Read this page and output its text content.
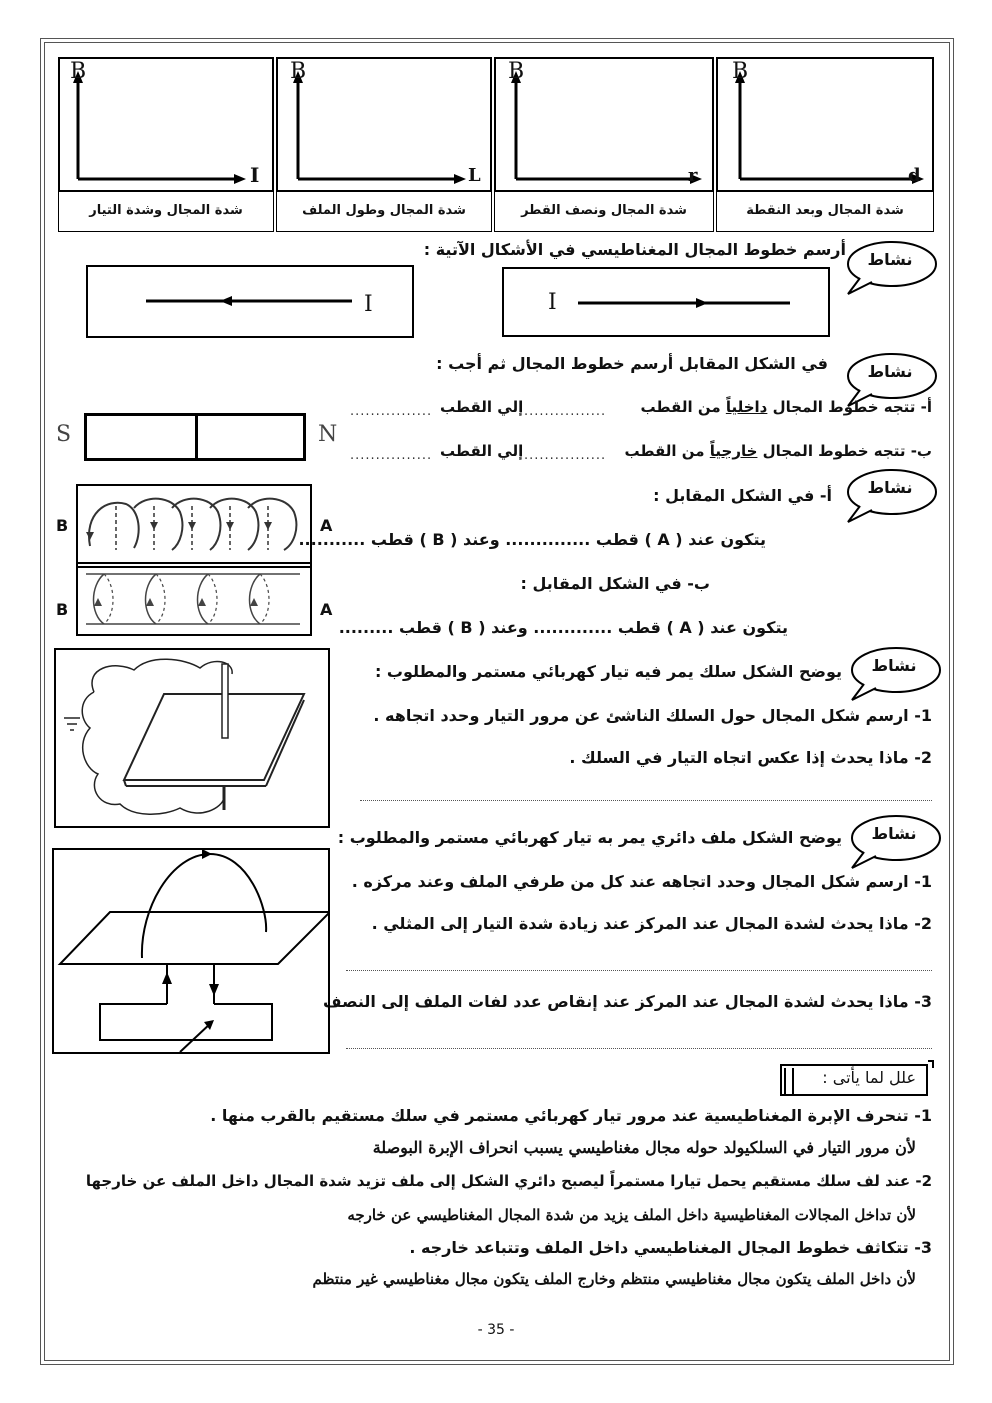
B
d
شدة المجال وبعد النقطة
B
r
شدة المجال ونصف القطر
B
L
شدة المجال وطول الملف
B
I
شدة المجال وشدة التيار
نشاط
أرسم خطوط المجال المغناطيسي في الأشكال الآتية :
I
I
نشاط
في الشكل المقابل أرسم خطوط المجال ثم أجب :
S	N
أ- تتجه خطوط المجال داخلياً من القطب
................
إلي القطب
................
ب- تتجه خطوط المجال خارجياً من القطب
................
إلي القطب
................
نشاط
أ- في الشكل المقابل :
B	A
يتكون عند ( A ) قطب .............. وعند ( B ) قطب ...........
ب- في الشكل المقابل :
B	A
يتكون عند ( A ) قطب ............. وعند ( B ) قطب .........
نشاط
يوضح الشكل سلك يمر فيه تيار كهربائي مستمر والمطلوب :
1- ارسم شكل المجال حول السلك الناشئ عن مرور التيار وحدد اتجاهه .
2- ماذا يحدث إذا عكس اتجاه التيار في السلك .
نشاط
يوضح الشكل ملف دائري يمر به تيار كهربائي مستمر والمطلوب :
1- ارسم شكل المجال وحدد اتجاهه عند كل من طرفي الملف وعند مركزه .
2- ماذا يحدث لشدة المجال عند المركز عند زيادة شدة التيار إلى المثلي .
3- ماذا يحدث لشدة المجال عند المركز عند إنقاص عدد لفات الملف إلى النصف
علل لما يأتى :
1- تنحرف الإبرة المغناطيسية عند مرور تيار كهربائي مستمر في سلك مستقيم بالقرب منها .
لأن مرور التيار في السلكيولد حوله مجال مغناطيسي يسبب انحراف الإبرة البوصلة
2- عند لف سلك مستقيم يحمل تيارا مستمراً ليصبح دائري الشكل إلى ملف تزيد شدة المجال داخل الملف عن خارجها
لأن تداخل المجالات المغناطيسية داخل الملف يزيد من شدة المجال المغناطيسي عن خارجه
3- تتكاثف خطوط المجال المغناطيسي داخل الملف وتتباعد خارجه .
لأن داخل الملف يتكون مجال مغناطيسي منتظم وخارج الملف يتكون مجال مغناطيسي غير منتظم
- 35 -
